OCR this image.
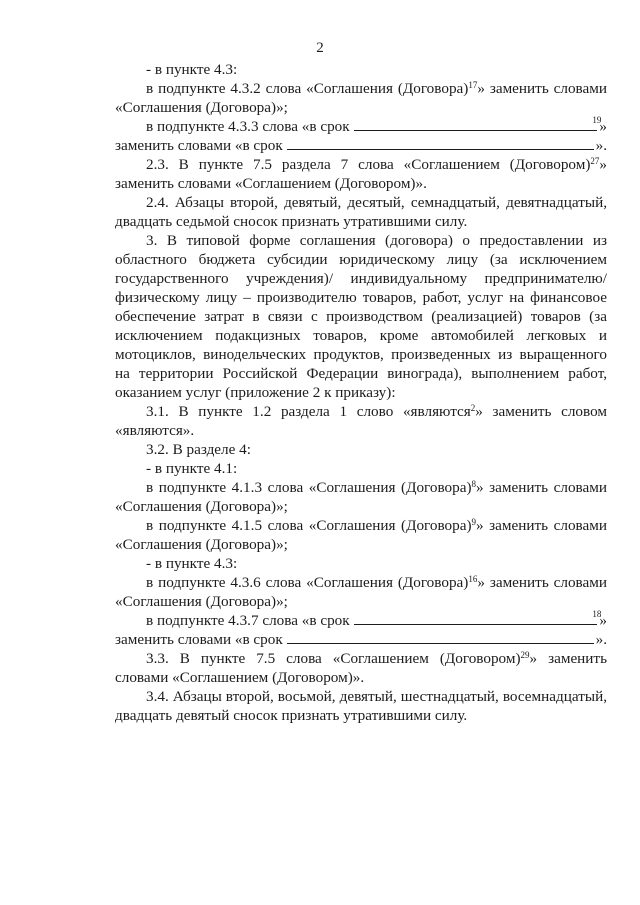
2

- в пункте 4.3:

в подпункте 4.3.2 слова «Соглашения (Договора)$^{17}$» заменить словами «Соглашения (Договора)»;

в подпункте 4.3.3 слова «в срок	19
»
заменить словами «в срок	».

2.3. В пункте 7.5 раздела 7 слова «Соглашением (Договором)$^{27}$» заменить словами «Соглашением (Договором)».

2.4. Абзацы второй, девятый, десятый, семнадцатый, девятнадцатый, двадцать седьмой сносок признать утратившими силу.

3. В типовой форме соглашения (договора) о предоставлении из областного бюджета субсидии юридическому лицу (за исключением государственного учреждения)/ индивидуальному предпринимателю/ физическому лицу – производителю товаров, работ, услуг на финансовое обеспечение затрат в связи с производством (реализацией) товаров (за исключением подакцизных товаров, кроме автомобилей легковых и мотоциклов, винодельческих продуктов, произведенных из выращенного на территории Российской Федерации винограда), выполнением работ, оказанием услуг (приложение 2 к приказу):

3.1. В пункте 1.2 раздела 1 слово «являются$^2$» заменить словом «являются».

3.2. В разделе 4:

- в пункте 4.1:

в подпункте 4.1.3 слова «Соглашения (Договора)$^8$» заменить словами «Соглашения (Договора)»;

в подпункте 4.1.5 слова «Соглашения (Договора)$^9$» заменить словами «Соглашения (Договора)»;

- в пункте 4.3:

в подпункте 4.3.6 слова «Соглашения (Договора)$^{16}$» заменить словами «Соглашения (Договора)»;

в подпункте 4.3.7 слова «в срок	18
»
заменить словами «в срок	».

3.3. В пункте 7.5 слова «Соглашением (Договором)$^{29}$» заменить словами «Соглашением (Договором)».

3.4. Абзацы второй, восьмой, девятый, шестнадцатый, восемнадцатый, двадцать девятый сносок признать утратившими силу.
